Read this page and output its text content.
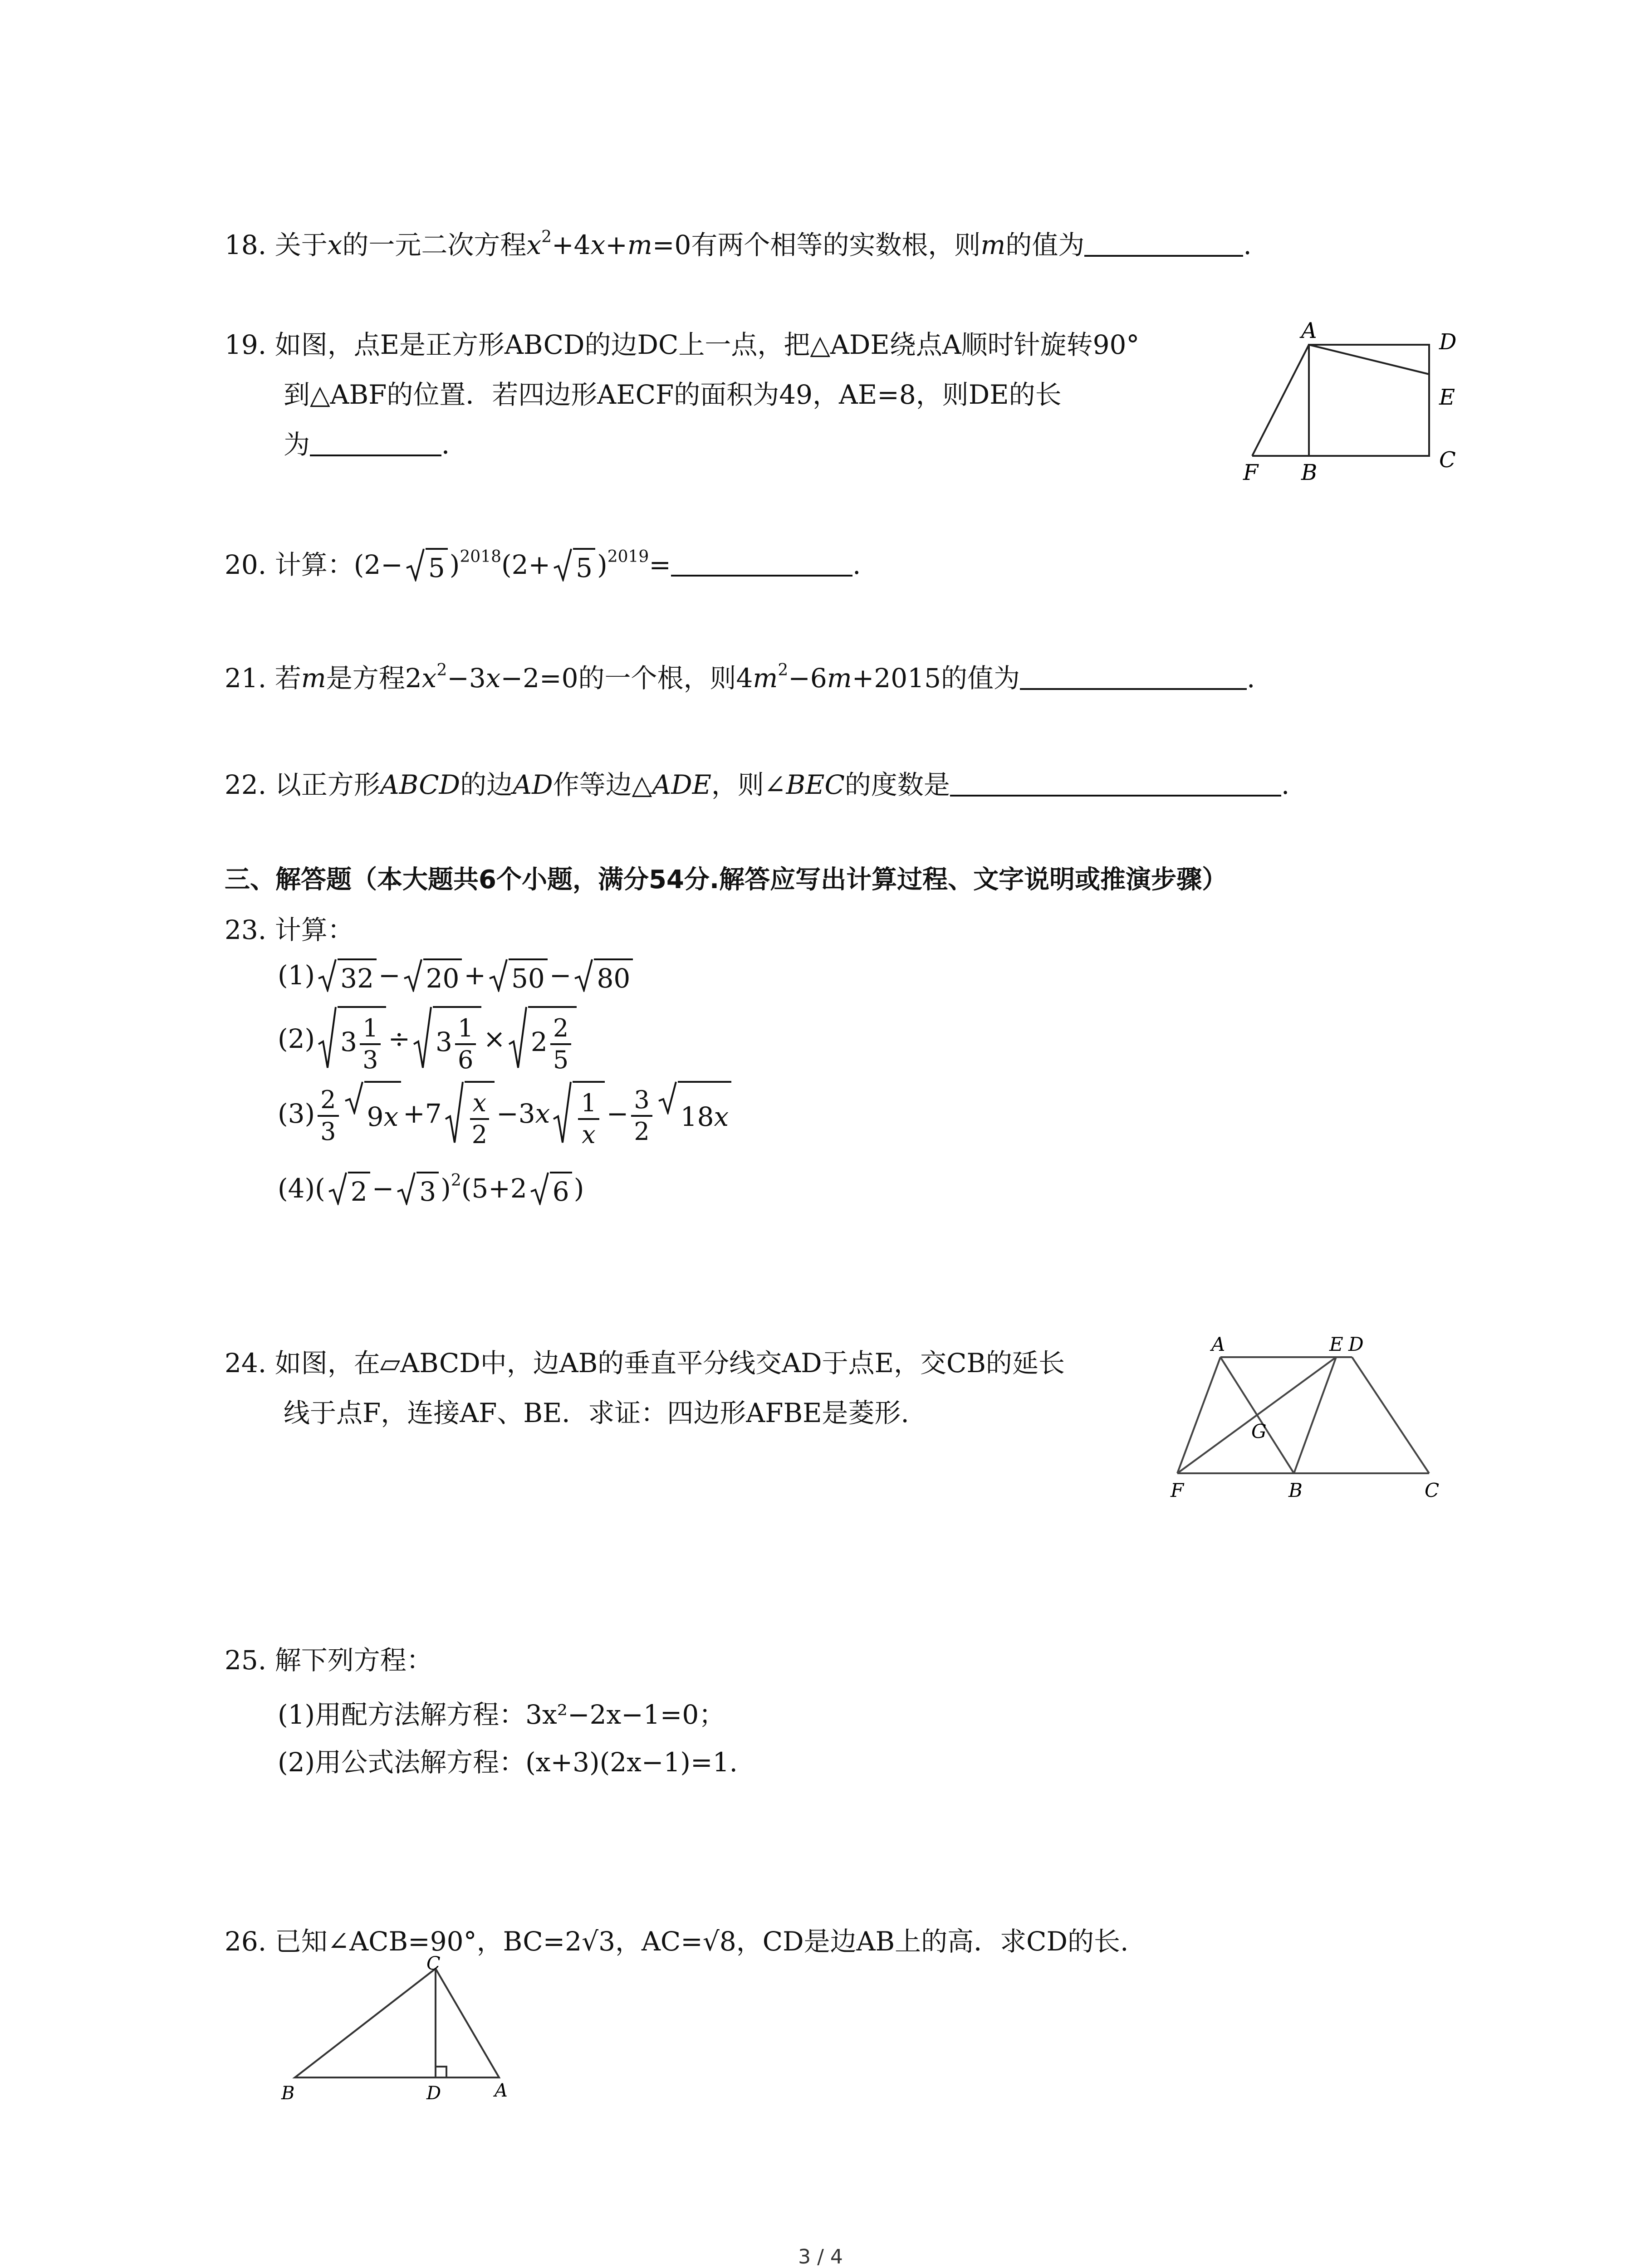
18. 关于x的一元二次方程$x^2+4x+m=0$有两个相等的实数根，则m的值为	.
19. 如图，点E是正方形ABCD的边DC上一点，把△ADE绕点A顺时针旋转90°
到△ABF的位置．若四边形AECF的面积为49，AE=8，则DE的长
为	．
A	D
E
C
B
F
20. 计算：(2− 5 )$^{2018}$(2+ 5 )$^{2019}$=	.
21. 若m是方程$2x^2-3x-2=0$的一个根，则$4m^2-6m+2015$的值为	.
22. 以正方形ABCD的边AD作等边△ADE，则∠BEC的度数是	.
三、解答题（本大题共6个小题，满分54分.解答应写出计算过程、文字说明或推演步骤）
23. 计算：
(1) 32 − 20 + 50 − 80
(2) $3 \frac{1}{3} \div 3 \frac{1}{6} \times 2 \frac{2}{5}$
$(3) \frac{2}{3} 9x +7 \frac{x}{2} -3x \frac{1}{x} - \frac{3}{2} 18x$
(4)( 2 − 3 )$^2$(5+2 6 )
24. 如图，在▱ABCD中，边AB的垂直平分线交AD于点E，交CB的延长
线于点F，连接AF、BE．求证：四边形AFBE是菱形.
A	E D
G
F	B	C
25. 解下列方程：
(1)用配方法解方程：3x²−2x−1=0；
(2)用公式法解方程：(x+3)(2x−1)=1.
26. 已知∠ACB=90°，BC=2√3，AC=√8，CD是边AB上的高．求CD的长.
C
B	D	A
3 / 4
